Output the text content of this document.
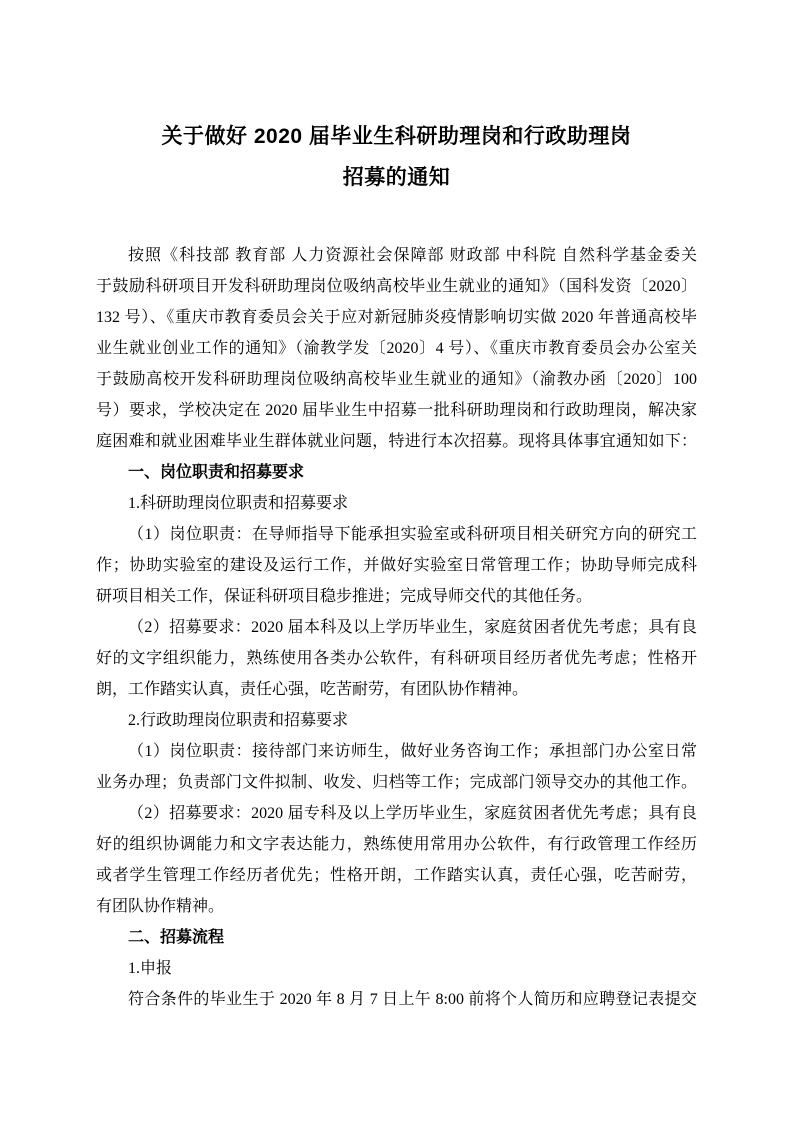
关于做好 2020 届毕业生科研助理岗和行政助理岗
招募的通知
按照《科技部 教育部 人力资源社会保障部 财政部 中科院 自然科学基金委关
于鼓励科研项目开发科研助理岗位吸纳高校毕业生就业的通知》（国科发资〔2020〕
132 号）、《重庆市教育委员会关于应对新冠肺炎疫情影响切实做 2020 年普通高校毕
业生就业创业工作的通知》（渝教学发〔2020〕4 号）、《重庆市教育委员会办公室关
于鼓励高校开发科研助理岗位吸纳高校毕业生就业的通知》（渝教办函〔2020〕100
号）要求，学校决定在 2020 届毕业生中招募一批科研助理岗和行政助理岗，解决家
庭困难和就业困难毕业生群体就业问题，特进行本次招募。现将具体事宜通知如下：
一、岗位职责和招募要求
1.科研助理岗位职责和招募要求
（1）岗位职责：在导师指导下能承担实验室或科研项目相关研究方向的研究工
作；协助实验室的建设及运行工作，并做好实验室日常管理工作；协助导师完成科
研项目相关工作，保证科研项目稳步推进；完成导师交代的其他任务。
（2）招募要求：2020 届本科及以上学历毕业生，家庭贫困者优先考虑；具有良
好的文字组织能力，熟练使用各类办公软件，有科研项目经历者优先考虑；性格开
朗，工作踏实认真，责任心强，吃苦耐劳，有团队协作精神。
2.行政助理岗位职责和招募要求
（1）岗位职责：接待部门来访师生，做好业务咨询工作；承担部门办公室日常
业务办理；负责部门文件拟制、收发、归档等工作；完成部门领导交办的其他工作。
（2）招募要求：2020 届专科及以上学历毕业生，家庭贫困者优先考虑；具有良
好的组织协调能力和文字表达能力，熟练使用常用办公软件，有行政管理工作经历
或者学生管理工作经历者优先；性格开朗，工作踏实认真，责任心强，吃苦耐劳，
有团队协作精神。
二、招募流程
1.申报
符合条件的毕业生于 2020 年 8 月 7 日上午 8:00 前将个人简历和应聘登记表提交
